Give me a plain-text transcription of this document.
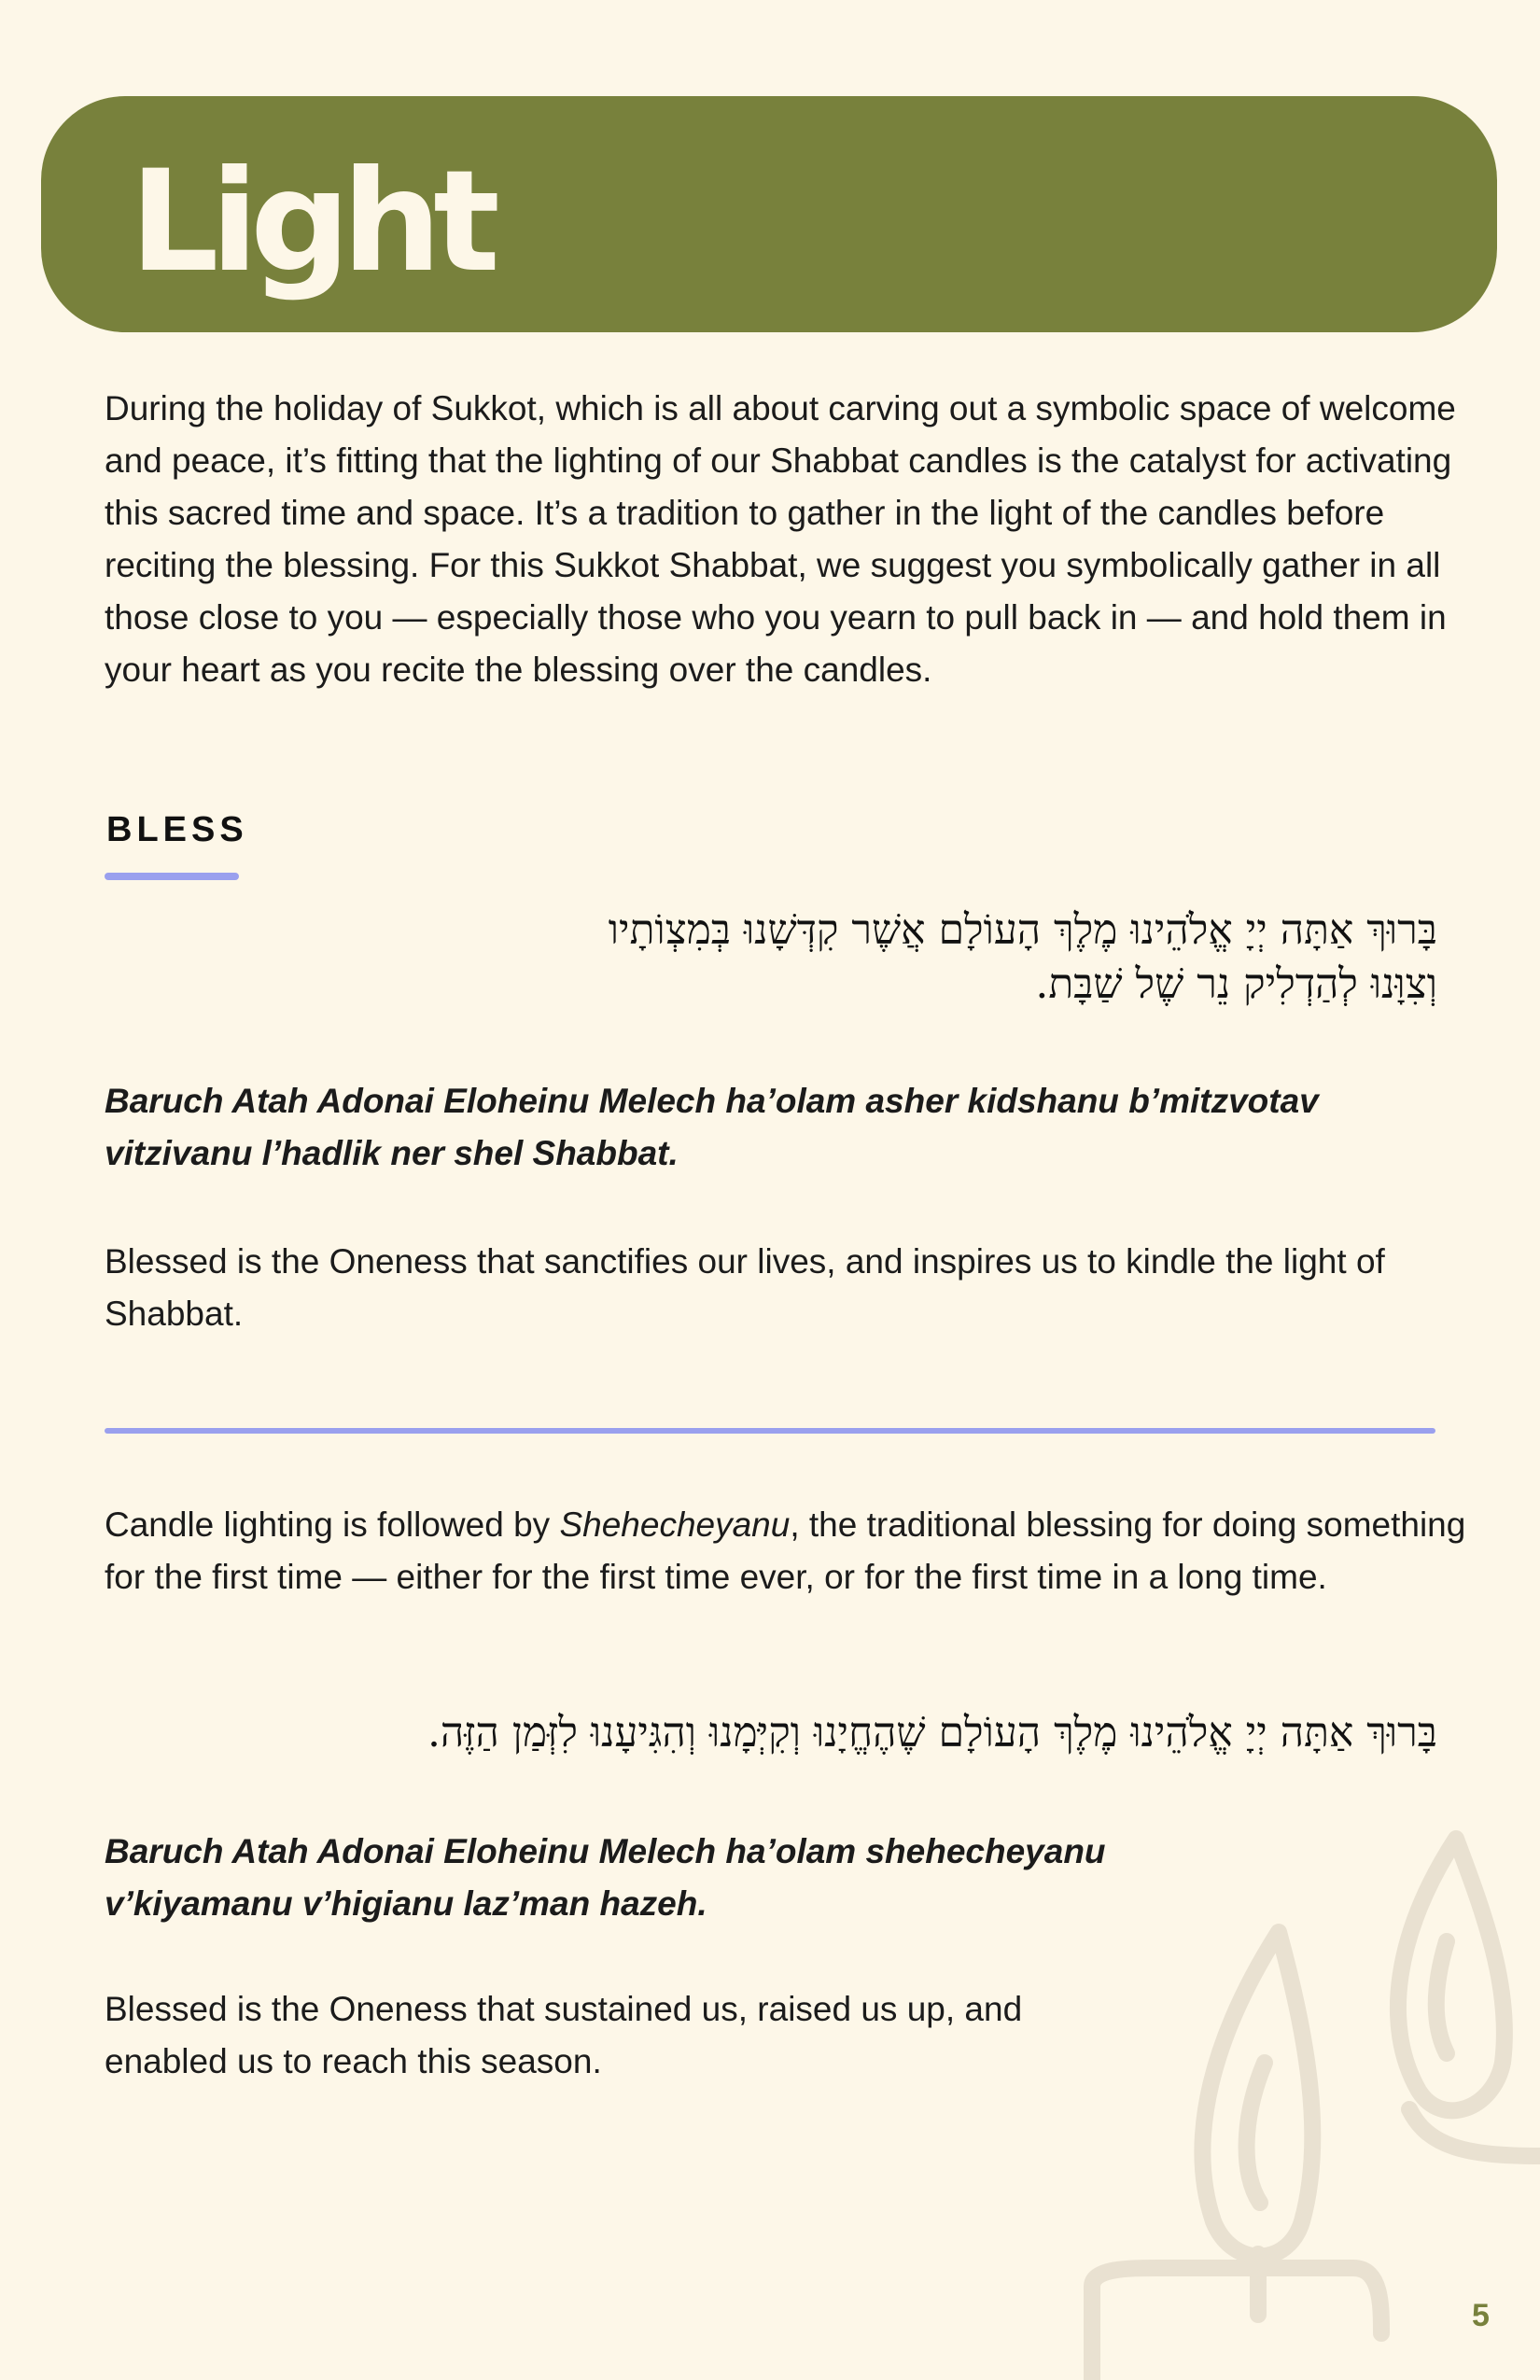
Light

During the holiday of Sukkot, which is all about carving out a symbolic space of welcome and peace, it’s fitting that the lighting of our Shabbat candles is the catalyst for activating this sacred time and space. It’s a tradition to gather in the light of the candles before reciting the blessing. For this Sukkot Shabbat, we suggest you symbolically gather in all those close to you — especially those who you yearn to pull back in — and hold them in your heart as you recite the blessing over the candles.

BLESS
בָּרוּךְ אַתָּה יְיָ אֱלֹהֵינוּ מֶלֶךְ הָעוֹלָם אֲשֶׁר קִדְּשָׁנוּ בְּמִצְוֹתָיו
וְצִוָּנוּ לְהַדְלִיק נֵר שֶׁל שַׁבָּת.

Baruch Atah Adonai Eloheinu Melech ha’olam asher kidshanu b’mitzvotav vitzivanu l’hadlik ner shel Shabbat.

Blessed is the Oneness that sanctifies our lives, and inspires us to kindle the light of Shabbat.

Candle lighting is followed by Shehecheyanu, the traditional blessing for doing something for the first time — either for the first time ever, or for the first time in a long time.

בָּרוּךְ אַתָּה יְיָ אֱלֹהֵינוּ מֶלֶךְ הָעוֹלָם שֶׁהֶחֱיָנוּ וְקִיְּמָנוּ וְהִגִּיעָנוּ לִזְּמַן הַזֶּה.

Baruch Atah Adonai Eloheinu Melech ha’olam shehecheyanu
v’kiyamanu v’higianu laz’man hazeh.

Blessed is the Oneness that sustained us, raised us up, and
enabled us to reach this season.

5
